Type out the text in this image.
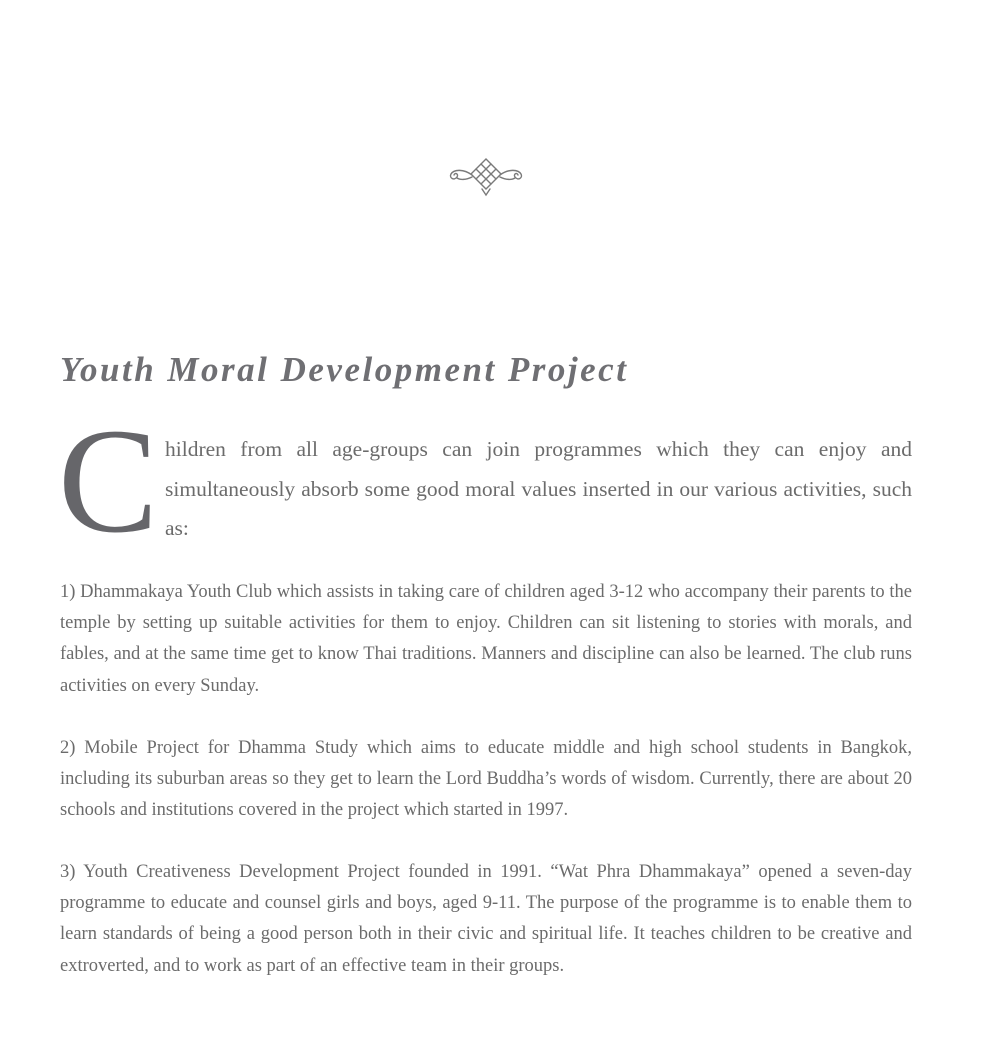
Youth Moral Development Project
C hildren from all age-groups can join programmes which they can enjoy and simultaneously absorb some good moral values inserted in our various activities, such as:

1) Dhammakaya Youth Club which assists in taking care of children aged 3-12 who accompany their parents to the temple by setting up suitable activities for them to enjoy. Children can sit listening to stories with morals, and fables, and at the same time get to know Thai traditions. Manners and discipline can also be learned. The club runs activities on every Sunday.

2) Mobile Project for Dhamma Study which aims to educate middle and high school students in Bangkok, including its suburban areas so they get to learn the Lord Buddha’s words of wisdom. Currently, there are about 20 schools and institutions covered in the project which started in 1997.

3) Youth Creativeness Development Project founded in 1991. “Wat Phra Dhammakaya” opened a seven-day programme to educate and counsel girls and boys, aged 9-11. The purpose of the programme is to enable them to learn standards of being a good person both in their civic and spiritual life. It teaches children to be creative and extroverted, and to work as part of an effective team in their groups.
